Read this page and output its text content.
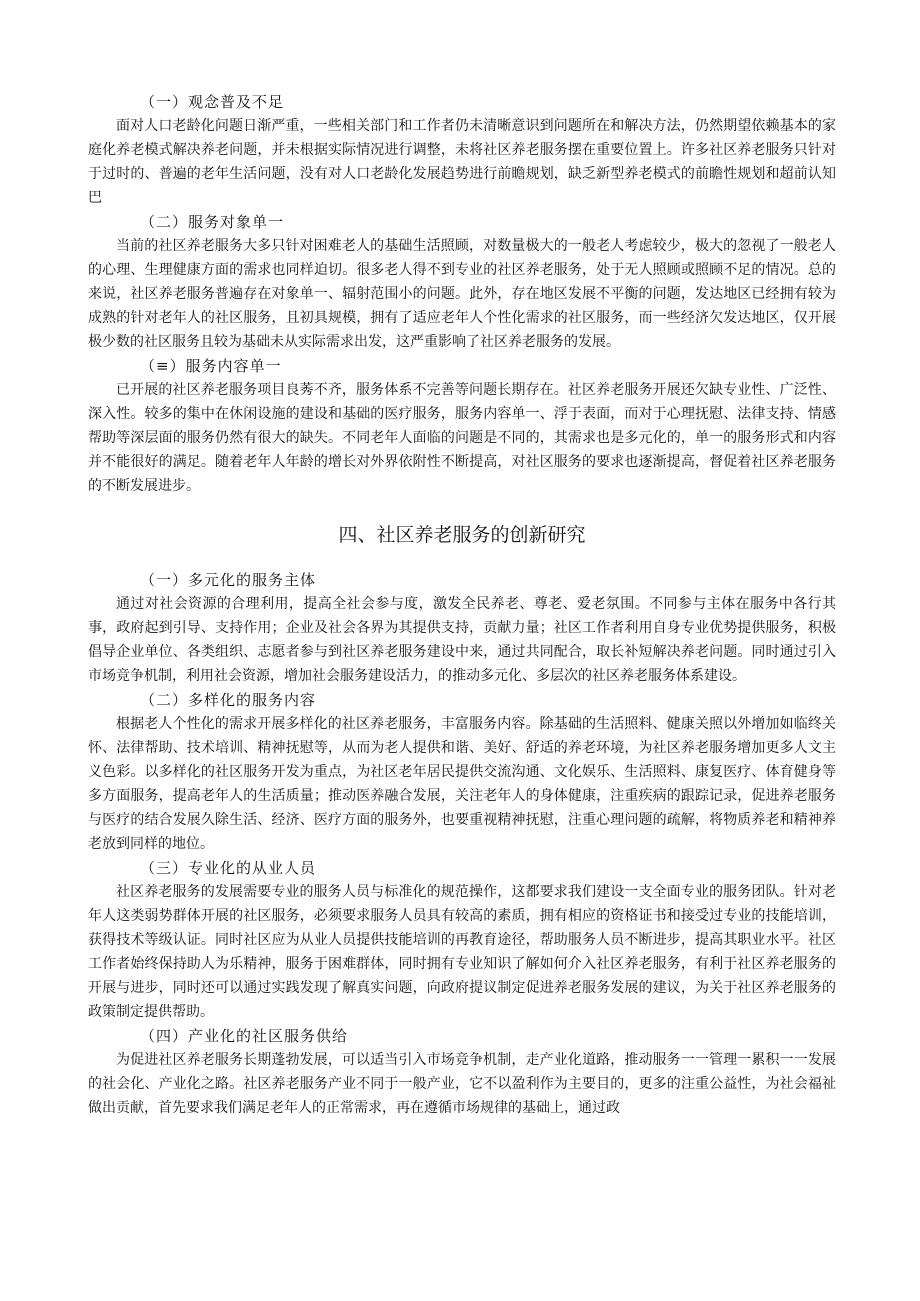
（一）观念普及不足

面对人口老龄化问题日渐严重，一些相关部门和工作者仍未清晰意识到问题所在和解决方法，仍然期望依赖基本的家庭化养老模式解决养老问题，并未根据实际情况进行调整，未将社区养老服务摆在重要位置上。许多社区养老服务只针对于过时的、普遍的老年生活问题，没有对人口老龄化发展趋势进行前瞻规划，缺乏新型养老模式的前瞻性规划和超前认知巴

（二）服务对象单一

当前的社区养老服务大多只针对困难老人的基础生活照顾，对数量极大的一般老人考虑较少，极大的忽视了一般老人的心理、生理健康方面的需求也同样迫切。很多老人得不到专业的社区养老服务，处于无人照顾或照顾不足的情况。总的来说，社区养老服务普遍存在对象单一、辐射范围小的问题。此外，存在地区发展不平衡的问题，发达地区已经拥有较为成熟的针对老年人的社区服务，且初具规模，拥有了适应老年人个性化需求的社区服务，而一些经济欠发达地区，仅开展极少数的社区服务且较为基础未从实际需求出发，这严重影响了社区养老服务的发展。

（≡）服务内容单一

已开展的社区养老服务项目良莠不齐，服务体系不完善等问题长期存在。社区养老服务开展还欠缺专业性、广泛性、深入性。较多的集中在休闲设施的建设和基础的医疗服务，服务内容单一、浮于表面，而对于心理抚慰、法律支持、情感帮助等深层面的服务仍然有很大的缺失。不同老年人面临的问题是不同的，其需求也是多元化的，单一的服务形式和内容并不能很好的满足。随着老年人年龄的增长对外界依附性不断提高，对社区服务的要求也逐渐提高，督促着社区养老服务的不断发展进步。

四、社区养老服务的创新研究
（一）多元化的服务主体

通过对社会资源的合理利用，提高全社会参与度，激发全民养老、尊老、爱老氛围。不同参与主体在服务中各行其事，政府起到引导、支持作用；企业及社会各界为其提供支持，贡献力量；社区工作者利用自身专业优势提供服务，积极倡导企业单位、各类组织、志愿者参与到社区养老服务建设中来，通过共同配合，取长补短解决养老问题。同时通过引入市场竞争机制，利用社会资源，增加社会服务建设活力，的推动多元化、多层次的社区养老服务体系建设。

（二）多样化的服务内容

根据老人个性化的需求开展多样化的社区养老服务，丰富服务内容。除基础的生活照料、健康关照以外增加如临终关怀、法律帮助、技术培训、精神抚慰等，从而为老人提供和谐、美好、舒适的养老环境，为社区养老服务增加更多人文主义色彩。以多样化的社区服务开发为重点，为社区老年居民提供交流沟通、文化娱乐、生活照料、康复医疗、体育健身等多方面服务，提高老年人的生活质量；推动医养融合发展，关注老年人的身体健康，注重疾病的跟踪记录，促进养老服务与医疗的结合发展久除生活、经济、医疗方面的服务外，也要重视精神抚慰，注重心理问题的疏解，将物质养老和精神养老放到同样的地位。

（三）专业化的从业人员

社区养老服务的发展需要专业的服务人员与标准化的规范操作，这都要求我们建设一支全面专业的服务团队。针对老年人这类弱势群体开展的社区服务，必须要求服务人员具有较高的素质，拥有相应的资格证书和接受过专业的技能培训，获得技术等级认证。同时社区应为从业人员提供技能培训的再教育途径，帮助服务人员不断进步，提高其职业水平。社区工作者始终保持助人为乐精神，服务于困难群体，同时拥有专业知识了解如何介入社区养老服务，有利于社区养老服务的开展与进步，同时还可以通过实践发现了解真实问题，向政府提议制定促进养老服务发展的建议，为关于社区养老服务的政策制定提供帮助。

（四）产业化的社区服务供给

为促进社区养老服务长期蓬勃发展，可以适当引入市场竞争机制，走产业化道路，推动服务一一管理一累积一一发展的社会化、产业化之路。社区养老服务产业不同于一般产业，它不以盈利作为主要目的，更多的注重公益性，为社会福祉做出贡献，首先要求我们满足老年人的正常需求，再在遵循市场规律的基础上，通过政
